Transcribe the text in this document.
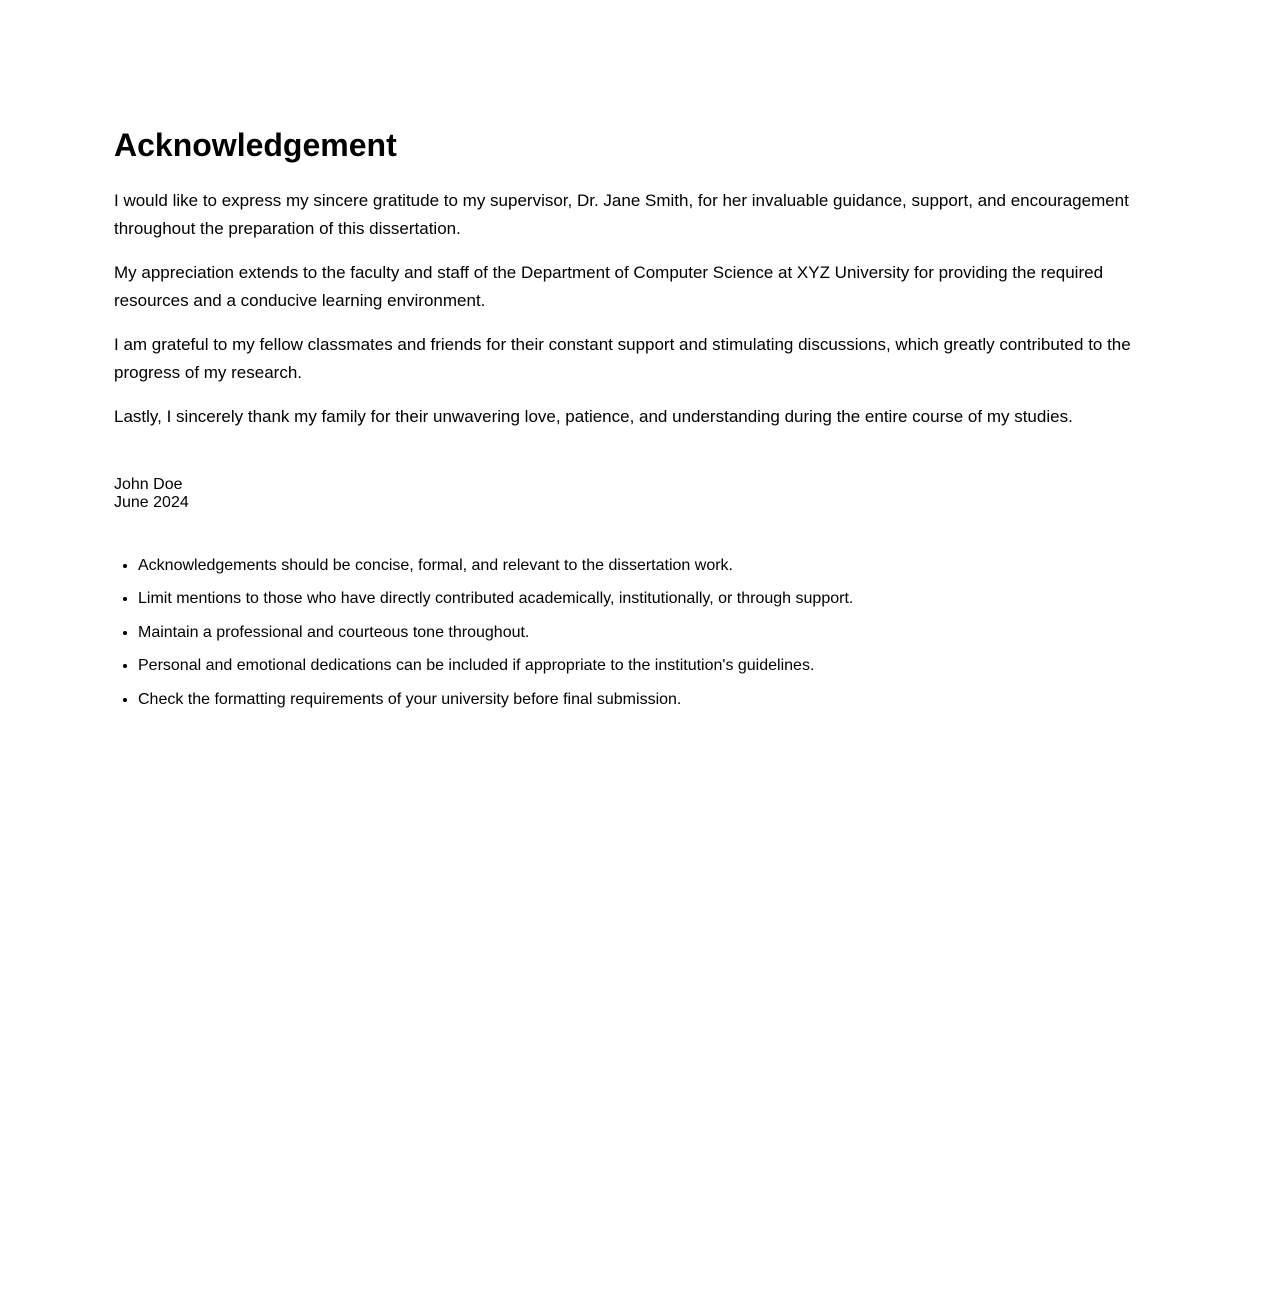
Acknowledgement

I would like to express my sincere gratitude to my supervisor, Dr. Jane Smith, for her invaluable guidance, support, and encouragement throughout the preparation of this dissertation.

My appreciation extends to the faculty and staff of the Department of Computer Science at XYZ University for providing the required resources and a conducive learning environment.

I am grateful to my fellow classmates and friends for their constant support and stimulating discussions, which greatly contributed to the progress of my research.

Lastly, I sincerely thank my family for their unwavering love, patience, and understanding during the entire course of my studies.

John Doe
June 2024
• Acknowledgements should be concise, formal, and relevant to the dissertation work.
• Limit mentions to those who have directly contributed academically, institutionally, or through support.
• Maintain a professional and courteous tone throughout.
• Personal and emotional dedications can be included if appropriate to the institution's guidelines.
• Check the formatting requirements of your university before final submission.
